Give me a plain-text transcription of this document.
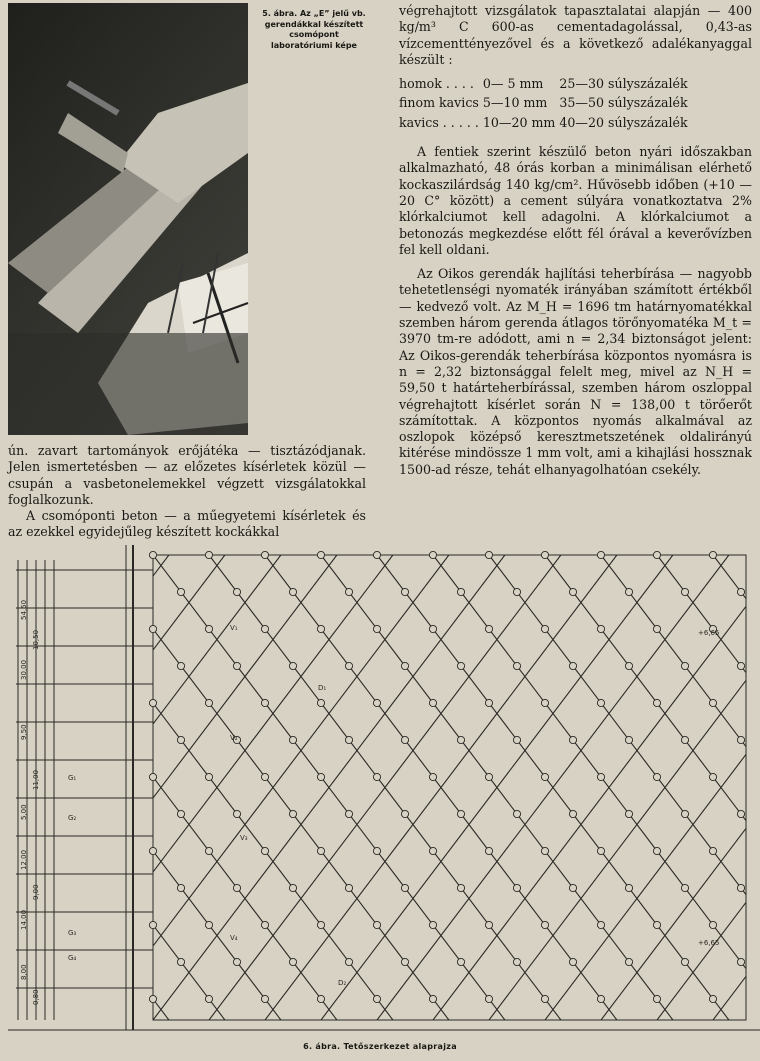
5. ábra. Az „E” jelű vb. gerendákkal készített csomópont laboratóriumi képe

végrehajtott vizsgálatok tapasztalatai alapján — 400 kg/m³ C 600-as cementadagolással, 0,43-as vízcementtényezővel és a következő adalékanyaggal készült :

homok . . . .	0— 5 mm	25—30 súlyszázalék
finom kavics	5—10 mm	35—50 súlyszázalék
kavics . . . . .	10—20 mm	40—20 súlyszázalék

A fentiek szerint készülő beton nyári időszakban alkalmazható, 48 órás korban a minimálisan elérhető kockaszilárdság 140 kg/cm². Hűvösebb időben (+10 —20 C° között) a cement súlyára vonatkoztatva 2% klórkalciumot kell adagolni. A klórkalciumot a betonozás megkezdése előtt fél órával a keverővízben fel kell oldani.

Az Oikos gerendák hajlítási teherbírása — nagyobb tehetetlenségi nyomaték irányában számított értékből — kedvező volt. Az M_H = 1696 tm határnyomatékkal szemben három gerenda átlagos törőnyomatéka M_t = 3970 tm-re adódott, ami n = 2,34 biztonságot jelent: Az Oikos-gerendák teherbírása központos nyomásra is n = 2,32 biztonsággal felelt meg, mivel az N_H = 59,50 t határteherbírással, szemben három oszloppal végrehajtott kísérlet során N = 138,00 t törőerőt számítottak. A központos nyomás alkalmával az oszlopok középső keresztmetszetének oldalirányú kitérése mindössze 1 mm volt, ami a kihajlási hossznak 1500-ad része, tehát elhanyagolhatóan csekély.

ún. zavart tartományok erőjátéka — tisztázódjanak. Jelen ismertetésben — az előzetes kísérletek közül — csupán a vasbetonelemekkel végzett vizsgálatokkal foglalkozunk.

A csomóponti beton — a műegyetemi kísérletek és az ezekkel egyidejűleg készített kockákkal

V₁
V₂
V₃
V₄
D₁
D₂
G₁
G₂
G₃
G₄
54,50
30,00
9,50
5,00
12,00
14,00
8,00
10,50
11,00
9,00
0,80
+6,65
+6,65
6. ábra. Tetőszerkezet alaprajza
